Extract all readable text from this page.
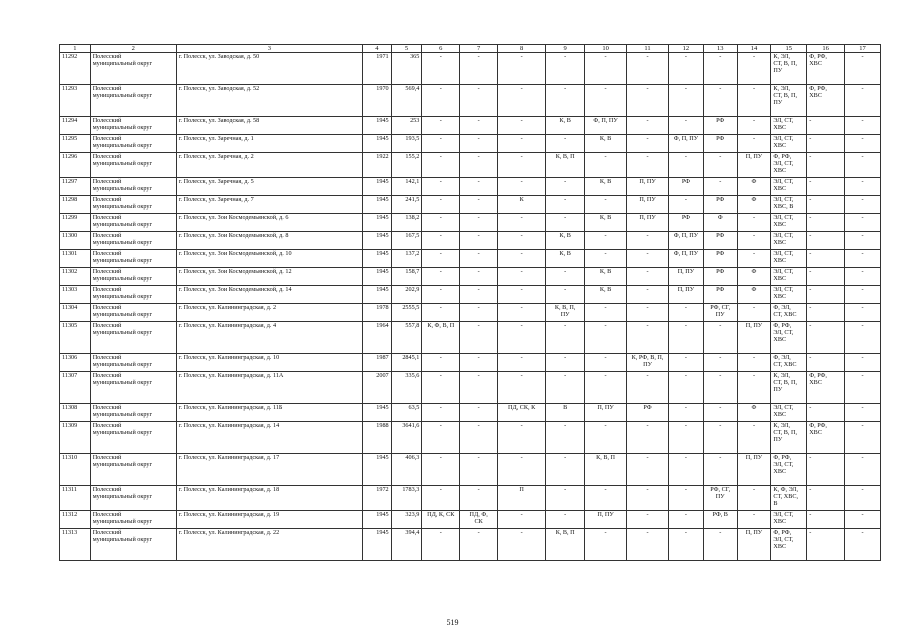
1	2	3	4	5	6	7	8	9	10	11	12	13	14	15	16	17
11292	Полесский
муниципальный округ	г. Полесск, ул. Заводская, д. 50	1971	365	-	-	-	-	-	-	-	-	-	К, ЭЛ,
СТ, В, П,
ПУ	Ф, РФ,
ХВС	-
11293	Полесский
муниципальный округ	г. Полесск, ул. Заводская, д. 52	1970	569,4	-	-	-	-	-	-	-	-	-	К, ЭЛ,
СТ, В, П,
ПУ	Ф, РФ,
ХВС	-
11294	Полесский
муниципальный округ	г. Полесск, ул. Заводская, д. 58	1945	253	-	-	-	К, В	Ф, П, ПУ	-	-	РФ	-	ЭЛ, СТ,
ХВС	-	-
11295	Полесский
муниципальный округ	г. Полесск, ул. Заречная, д. 1	1945	193,5	-	-	-	-	К, В	-	Ф, П, ПУ	РФ	-	ЭЛ, СТ,
ХВС	-	-
11296	Полесский
муниципальный округ	г. Полесск, ул. Заречная, д. 2	1922	155,2	-	-	-	К, В, П	-	-	-	-	П, ПУ	Ф, РФ,
ЭЛ, СТ,
ХВС	-	-
11297	Полесский
муниципальный округ	г. Полесск, ул. Заречная, д. 5	1945	142,1	-	-	-	-	К, В	П, ПУ	РФ	-	Ф	ЭЛ, СТ,
ХВС	-	-
11298	Полесский
муниципальный округ	г. Полесск, ул. Заречная, д. 7	1945	241,5	-	-	К	-	-	П, ПУ	-	РФ	Ф	ЭЛ, СТ,
ХВС, В	-	-
11299	Полесский
муниципальный округ	г. Полесск, ул. Зои Космодемьянской, д. 6	1945	138,2	-	-	-	-	К, В	П, ПУ	РФ	Ф	-	ЭЛ, СТ,
ХВС	-	-
11300	Полесский
муниципальный округ	г. Полесск, ул. Зои Космодемьянской, д. 8	1945	167,5	-	-	-	К, В	-	-	Ф, П, ПУ	РФ	-	ЭЛ, СТ,
ХВС	-	-
11301	Полесский
муниципальный округ	г. Полесск, ул. Зои Космодемьянской, д. 10	1945	137,2	-	-	-	К, В	-	-	Ф, П, ПУ	РФ	-	ЭЛ, СТ,
ХВС	-	-
11302	Полесский
муниципальный округ	г. Полесск, ул. Зои Космодемьянской, д. 12	1945	158,7	-	-	-	-	К, В	-	П, ПУ	РФ	Ф	ЭЛ, СТ,
ХВС	-	-
11303	Полесский
муниципальный округ	г. Полесск, ул. Зои Космодемьянской, д. 14	1945	202,9	-	-	-	-	К, В	-	П, ПУ	РФ	Ф	ЭЛ, СТ,
ХВС	-	-
11304	Полесский
муниципальный округ	г. Полесск, ул. Калининградская, д. 2	1978	2555,5	-	-	-	К, В, П,
ПУ	-	-	-	РФ, СГ,
ПУ	-	Ф, ЭЛ,
СТ, ХВС	-	-
11305	Полесский
муниципальный округ	г. Полесск, ул. Калининградская, д. 4	1964	557,8	К, Ф, В, П	-	-	-	-	-	-	-	П, ПУ	Ф, РФ,
ЭЛ, СТ,
ХВС	-	-
11306	Полесский
муниципальный округ	г. Полесск, ул. Калининградская, д. 10	1987	2845,1	-	-	-	-	-	К, РФ, В, П,
ПУ	-	-	-	Ф, ЭЛ,
СТ, ХВС	-	-
11307	Полесский
муниципальный округ	г. Полесск, ул. Калининградская, д. 11А	2007	335,6	-	-	-	-	-	-	-	-	-	К, ЭЛ,
СТ, В, П,
ПУ	Ф, РФ,
ХВС	-
11308	Полесский
муниципальный округ	г. Полесск, ул. Калининградская, д. 11Б	1945	63,5	-	-	ПД, СК, К	В	П, ПУ	РФ	-	-	Ф	ЭЛ, СТ,
ХВС	-	-
11309	Полесский
муниципальный округ	г. Полесск, ул. Калининградская, д. 14	1988	3641,6	-	-	-	-	-	-	-	-	-	К, ЭЛ,
СТ, В, П,
ПУ	Ф, РФ,
ХВС	-
11310	Полесский
муниципальный округ	г. Полесск, ул. Калининградская, д. 17	1945	406,3	-	-	-	-	К, В, П	-	-	-	П, ПУ	Ф, РФ,
ЭЛ, СТ,
ХВС	-	-
11311	Полесский
муниципальный округ	г. Полесск, ул. Калининградская, д. 18	1972	1783,3	-	-	П	-	-	-	-	РФ, СГ,
ПУ	-	К, Ф, ЭЛ,
СТ, ХВС,
В	-	-
11312	Полесский
муниципальный округ	г. Полесск, ул. Калининградская, д. 19	1945	323,9	ПД, К, СК	ПД, Ф,
СК	-	-	П, ПУ	-	-	РФ, В	-	ЭЛ, СТ,
ХВС	-	-
11313	Полесский
муниципальный округ	г. Полесск, ул. Калининградская, д. 22	1945	394,4	-	-	-	К, В, П	-	-	-	-	П, ПУ	Ф, РФ,
ЭЛ, СТ,
ХВС	-	-
519
